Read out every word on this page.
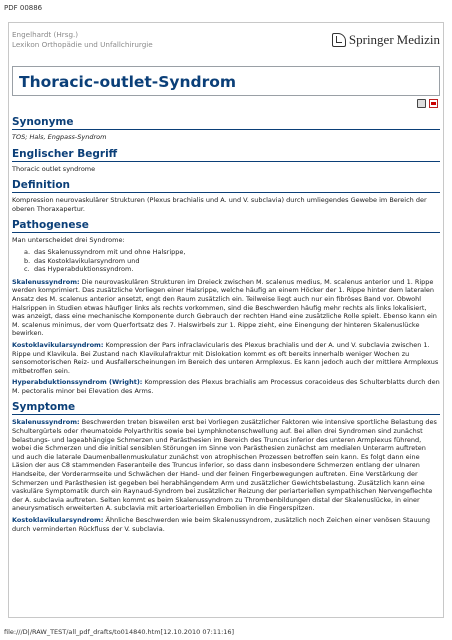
PDF 00886
Engelhardt (Hrsg.)
Lexikon Orthopädie und Unfallchirurgie	Springer Medizin
Thoracic-outlet-Syndrom
Synonyme

TOS; Hals, Engpass-Syndrom

Englischer Begriff

Thoracic outlet syndrome

Definition

Kompression neurovaskulärer Strukturen (Plexus brachialis und A. und V. subclavia) durch umliegendes Gewebe im Bereich der oberen Thoraxapertur.

Pathogenese

Man unterscheidet drei Syndrome:

a. das Skalenussyndrom mit und ohne Halsrippe,
b. das Kostoklavikularsyndrom und
c. das Hyperabduktionssyndrom.

Skalenussyndrom: Die neurovaskulären Strukturen im Dreieck zwischen M. scalenus medius, M. scalenus anterior und 1. Rippe werden komprimiert. Das zusätzliche Vorliegen einer Halsrippe, welche häufig an einem Höcker der 1. Rippe hinter dem lateralen Ansatz des M. scalenus anterior ansetzt, engt den Raum zusätzlich ein. Teilweise liegt auch nur ein fibröses Band vor. Obwohl Halsrippen in Studien etwas häufiger links als rechts vorkommen, sind die Beschwerden häufig mehr rechts als links lokalisiert, was anzeigt, dass eine mechanische Komponente durch Gebrauch der rechten Hand eine zusätzliche Rolle spielt. Ebenso kann ein M. scalenus minimus, der vom Querfortsatz des 7. Halswirbels zur 1. Rippe zieht, eine Einengung der hinteren Skalenuslücke bewirken.

Kostoklavikularsyndrom: Kompression der Pars infraclavicularis des Plexus brachialis und der A. und V. subclavia zwischen 1. Rippe und Klavikula. Bei Zustand nach Klavikulafraktur mit Dislokation kommt es oft bereits innerhalb weniger Wochen zu sensomotorischen Reiz- und Ausfallerscheinungen im Bereich des unteren Armplexus. Es kann jedoch auch der mittlere Armplexus mitbetroffen sein.

Hyperabduktionssyndrom (Wright): Kompression des Plexus brachialis am Processus coracoideus des Schulterblatts durch den M. pectoralis minor bei Elevation des Arms.

Symptome

Skalenussyndrom: Beschwerden treten bisweilen erst bei Vorliegen zusätzlicher Faktoren wie intensive sportliche Belastung des Schultergürtels oder rheumatoide Polyarthritis sowie bei Lymphknotenschwellung auf. Bei allen drei Syndromen sind zunächst belastungs- und lageabhängige Schmerzen und Parästhesien im Bereich des Truncus inferior des unteren Armplexus führend, wobei die Schmerzen und die initial sensiblen Störungen im Sinne von Parästhesien zunächst am medialen Unterarm auftreten und auch die laterale Daumenballenmuskulatur zunächst von atrophischen Prozessen betroffen sein kann. Es folgt dann eine Läsion der aus C8 stammenden Faseranteile des Truncus inferior, so dass dann insbesondere Schmerzen entlang der ulnaren Handseite, der Vorderarmseite und Schwächen der Hand- und der feinen Fingerbewegungen auftreten. Eine Verstärkung der Schmerzen und Parästhesien ist gegeben bei herabhängendem Arm und zusätzlicher Gewichtsbelastung. Zusätzlich kann eine vaskuläre Symptomatik durch ein Raynaud-Syndrom bei zusätzlicher Reizung der periarteriellen sympathischen Nervengeflechte der A. subclavia auftreten. Selten kommt es beim Skalenussyndrom zu Thrombenbildungen distal der Skalenuslücke, in einer aneurysmatisch erweiterten A. subclavia mit arterioarteriellen Embolien in die Fingerspitzen.

Kostoklavikularsyndrom: Ähnliche Beschwerden wie beim Skalenussyndrom, zusätzlich noch Zeichen einer venösen Stauung durch verminderten Rückfluss der V. subclavia.

file:///D|/RAW_TEST/all_pdf_drafts/to014840.htm[12.10.2010 07:11:16]
